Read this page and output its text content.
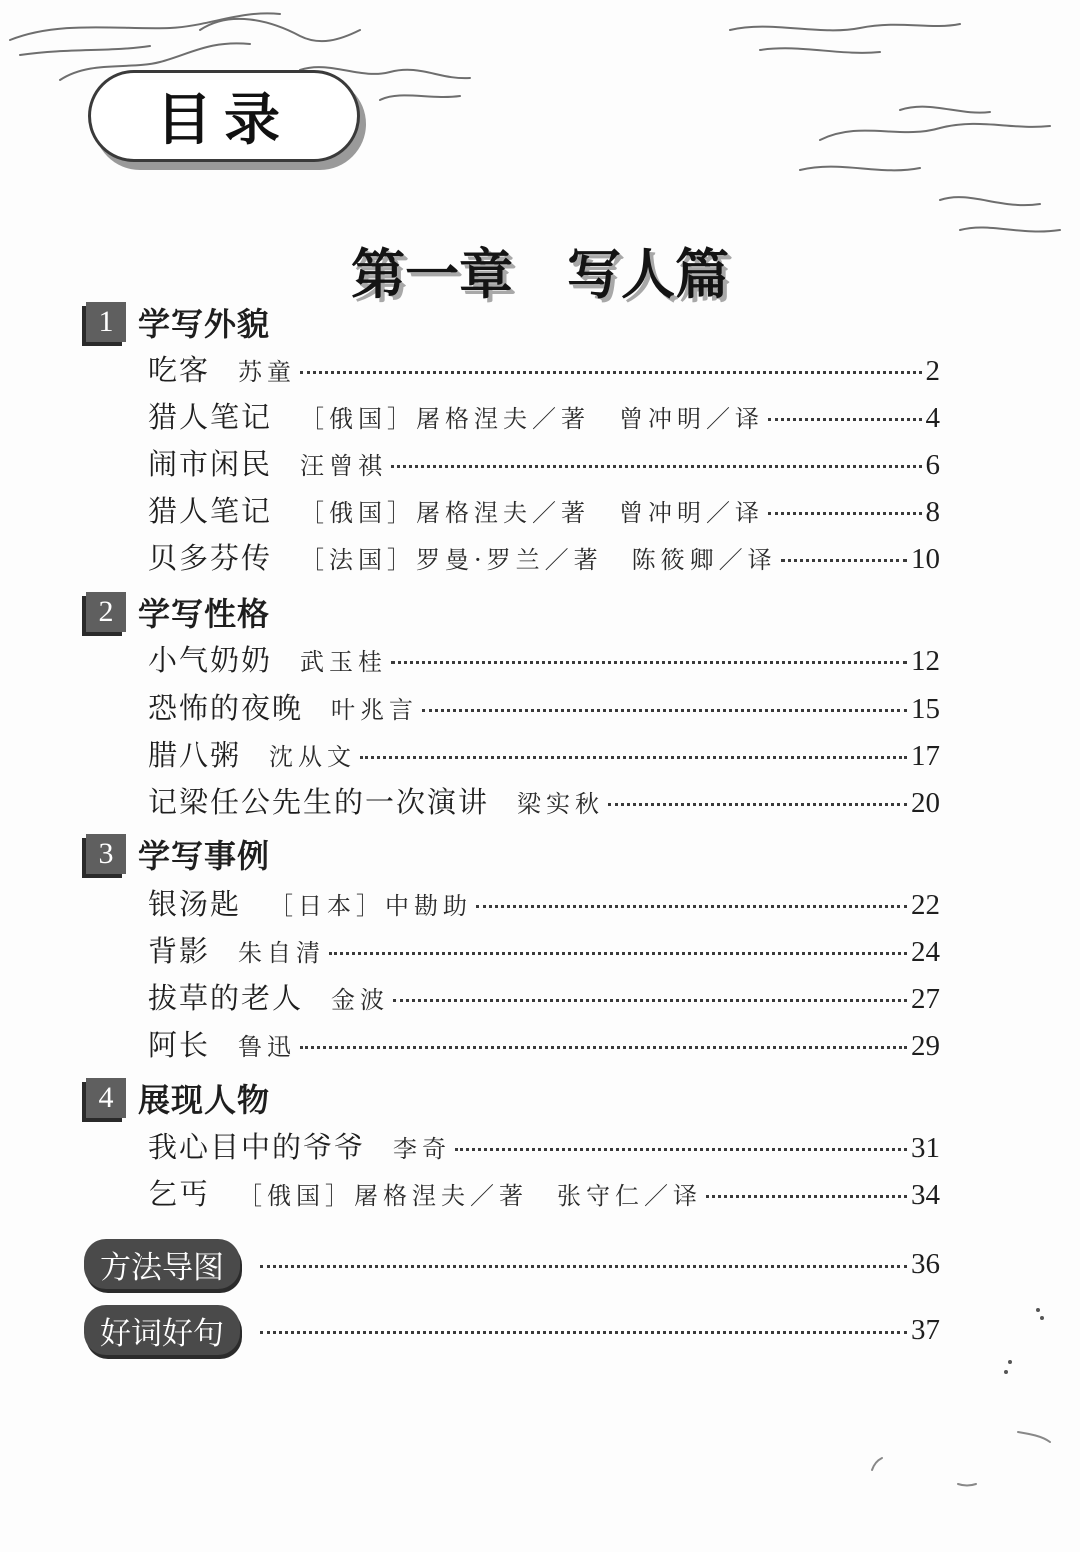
目录
第一章　写人篇
1 学写外貌
吃客 苏童	2
猎人笔记 ［俄国］屠格涅夫／著　曾冲明／译	4
闹市闲民 汪曾祺	6
猎人笔记 ［俄国］屠格涅夫／著　曾冲明／译	8
贝多芬传 ［法国］罗曼·罗兰／著　陈筱卿／译	10
2 学写性格
小气奶奶 武玉桂	12
恐怖的夜晚 叶兆言	15
腊八粥 沈从文	17
记梁任公先生的一次演讲 梁实秋	20
3 学写事例
银汤匙 ［日本］中勘助	22
背影 朱自清	24
拔草的老人 金波	27
阿长 鲁迅	29
4 展现人物
我心目中的爷爷 李奇	31
乞丐 ［俄国］屠格涅夫／著　张守仁／译	34
方法导图	36
好词好句	37
